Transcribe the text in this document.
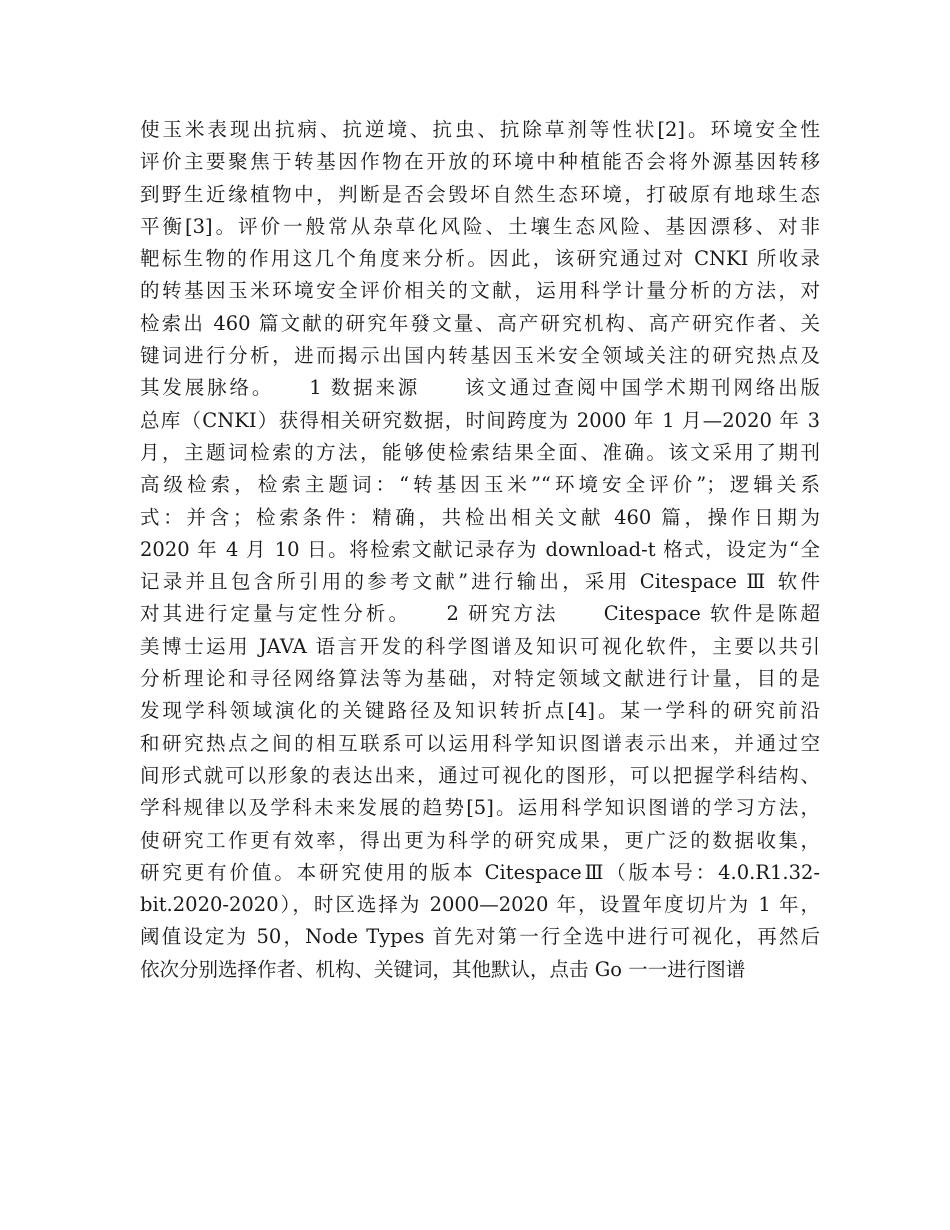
使玉米表现出抗病、抗逆境、抗虫、抗除草剂等性状[2]。环境安全性
评价主要聚焦于转基因作物在开放的环境中种植能否会将外源基因转移
到野生近缘植物中，判断是否会毁坏自然生态环境，打破原有地球生态
平衡[3]。评价一般常从杂草化风险、土壤生态风险、基因漂移、对非
靶标生物的作用这几个角度来分析。因此，该研究通过对 CNKI 所收录
的转基因玉米环境安全评价相关的文献，运用科学计量分析的方法，对
检索出 460 篇文献的研究年發文量、高产研究机构、高产研究作者、关
键词进行分析，进而揭示出国内转基因玉米安全领域关注的研究热点及
其发展脉络。　　1 数据来源　　该文通过查阅中国学术期刊网络出版
总库（CNKI）获得相关研究数据，时间跨度为 2000 年 1 月—2020 年 3
月，主题词检索的方法，能够使检索结果全面、准确。该文采用了期刊
高级检索，检索主题词：“转基因玉米”“环境安全评价”；逻辑关系
式：并含；检索条件：精确，共检出相关文献 460 篇，操作日期为
2020 年 4 月 10 日。将检索文献记录存为 download-t 格式，设定为“全
记录并且包含所引用的参考文献”进行输出，采用 Citespace Ⅲ 软件
对其进行定量与定性分析。　　2 研究方法　　Citespace 软件是陈超
美博士运用 JAVA 语言开发的科学图谱及知识可视化软件，主要以共引
分析理论和寻径网络算法等为基础，对特定领域文献进行计量，目的是
发现学科领域演化的关键路径及知识转折点[4]。某一学科的研究前沿
和研究热点之间的相互联系可以运用科学知识图谱表示出来，并通过空
间形式就可以形象的表达出来，通过可视化的图形，可以把握学科结构、
学科规律以及学科未来发展的趋势[5]。运用科学知识图谱的学习方法，
使研究工作更有效率，得出更为科学的研究成果，更广泛的数据收集，
研究更有价值。本研究使用的版本 CitespaceⅢ（版本号：4.0.R1.32-
bit.2020-2020），时区选择为 2000—2020 年，设置年度切片为 1 年，
阈值设定为 50，Node Types 首先对第一行全选中进行可视化，再然后
依次分别选择作者、机构、关键词，其他默认，点击 Go 一一进行图谱
